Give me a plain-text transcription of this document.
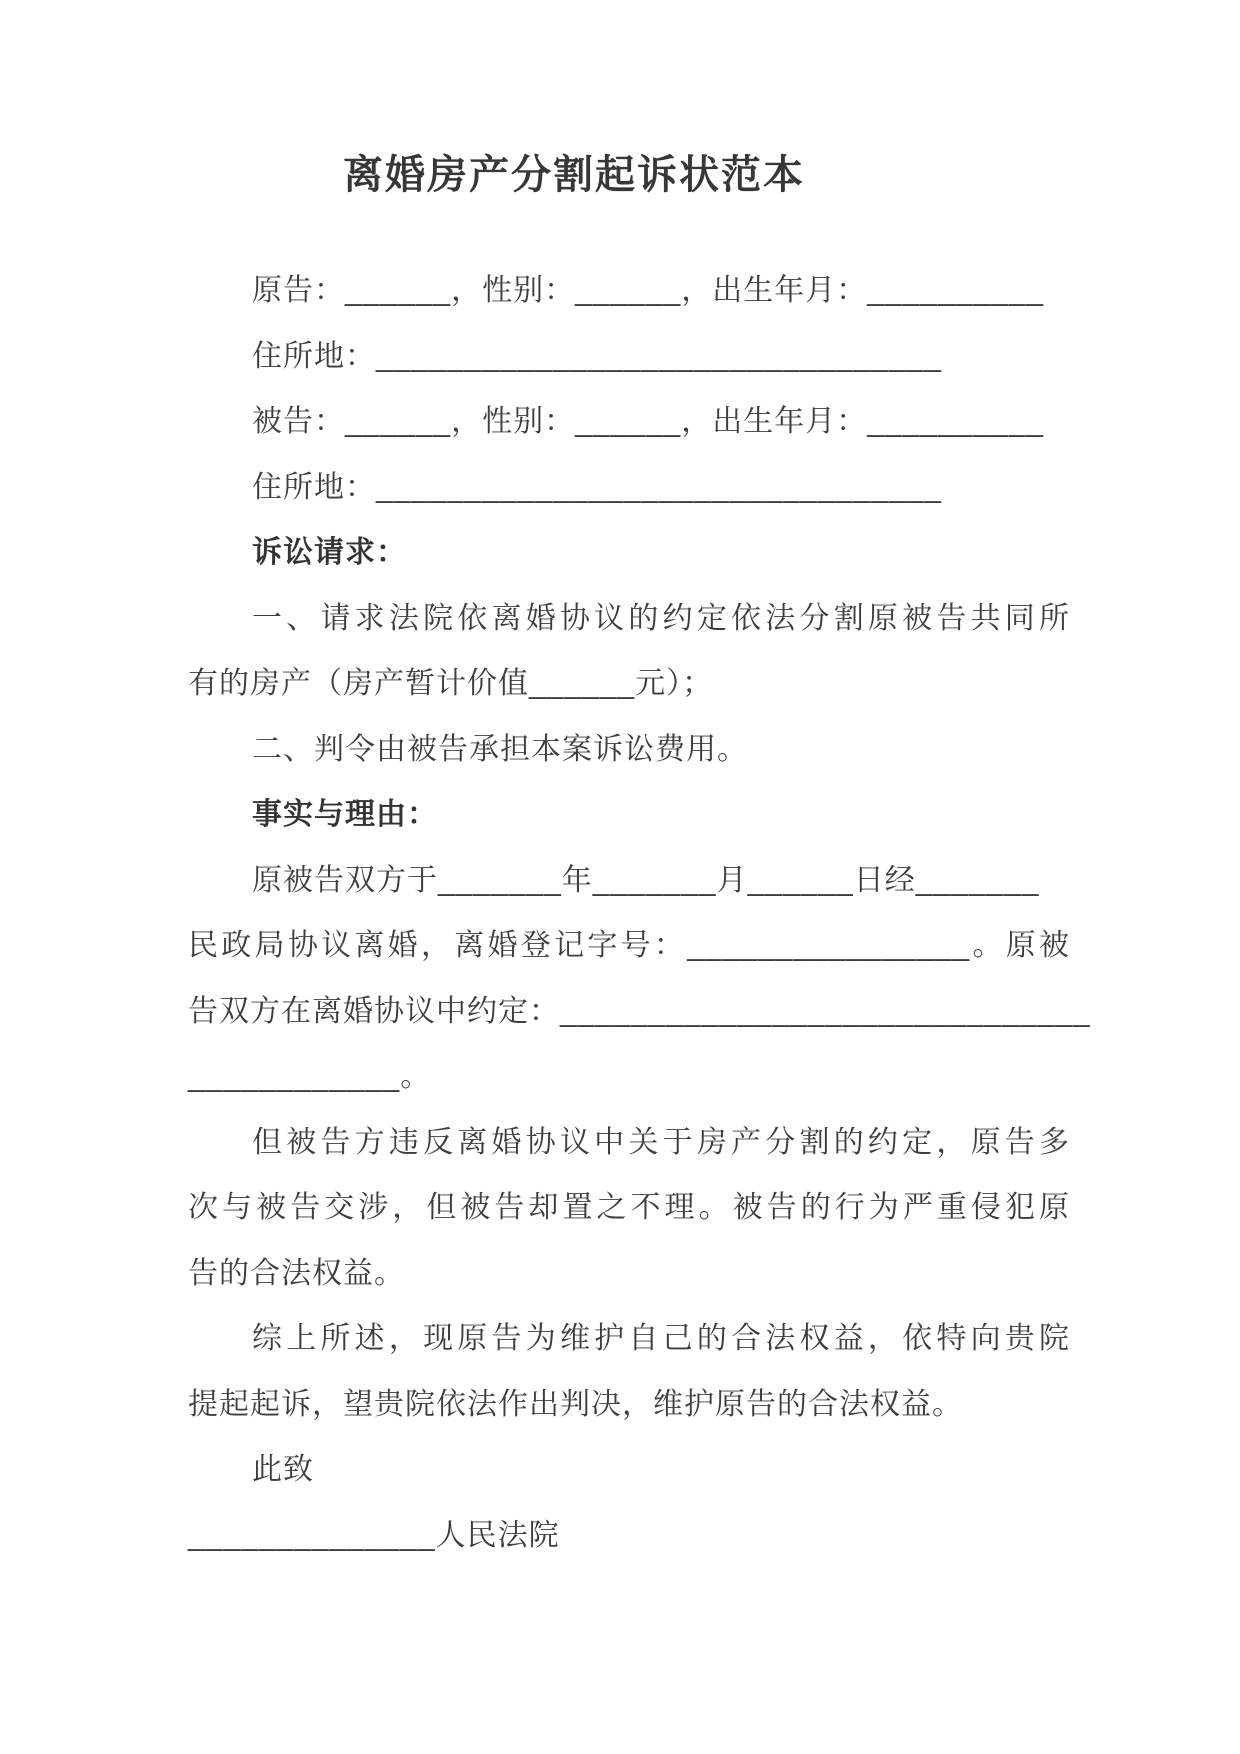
离婚房产分割起诉状范本

原告：______，性别：______，出生年月：__________

住所地：________________________________

被告：______，性别：______，出生年月：__________

住所地：________________________________

诉讼请求：

一、请求法院依离婚协议的约定依法分割原被告共同所

有的房产（房产暂计价值______元）；

二、判令由被告承担本案诉讼费用。

事实与理由：

原被告双方于_______年_______月______日经_______

民政局协议离婚，离婚登记字号：________________。原被

告双方在离婚协议中约定：______________________________

____________。

但被告方违反离婚协议中关于房产分割的约定，原告多

次与被告交涉，但被告却置之不理。被告的行为严重侵犯原

告的合法权益。

综上所述，现原告为维护自己的合法权益，依特向贵院

提起起诉，望贵院依法作出判决，维护原告的合法权益。

此致

______________人民法院
